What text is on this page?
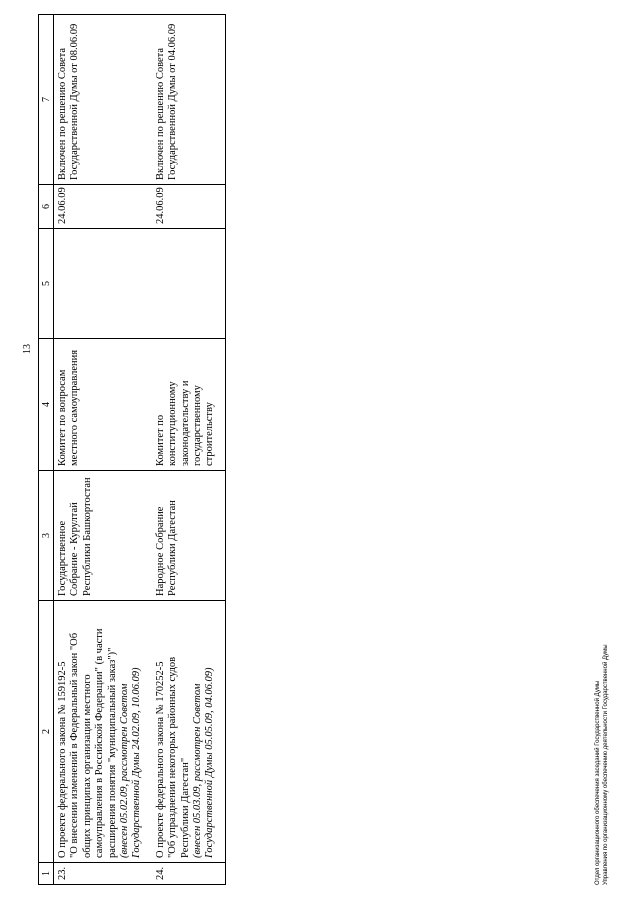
13
1	2	3	4	5	6	7
23.	О проекте федерального закона № 159192-5 "О внесении изменений в Федеральный закон "Об общих принципах организации местного самоуправления в Российской Федерации" (в части расширения понятия "муниципальный заказ")" (внесен 05.02.09, рассмотрен Советом Государственной Думы 24.02.09, 10.06.09)	Государственное Собрание - Курултай Республики Башкортостан	Комитет по вопросам местного самоуправления		24.06.09	Включен по решению Совета Государственной Думы от 08.06.09
24.	О проекте федерального закона № 170252-5 "Об упразднении некоторых районных судов Республики Дагестан" (внесен 05.03.09, рассмотрен Советом Государственной Думы 05.05.09, 04.06.09)	Народное Собрание Республики Дагестан	Комитет по конституционному законодательству и государственному строительству		24.06.09	Включен по решению Совета Государственной Думы от 04.06.09
Отдел организационного обеспечения заседаний Государственной Думы Управления по организационному обеспечению деятельности Государственной Думы
